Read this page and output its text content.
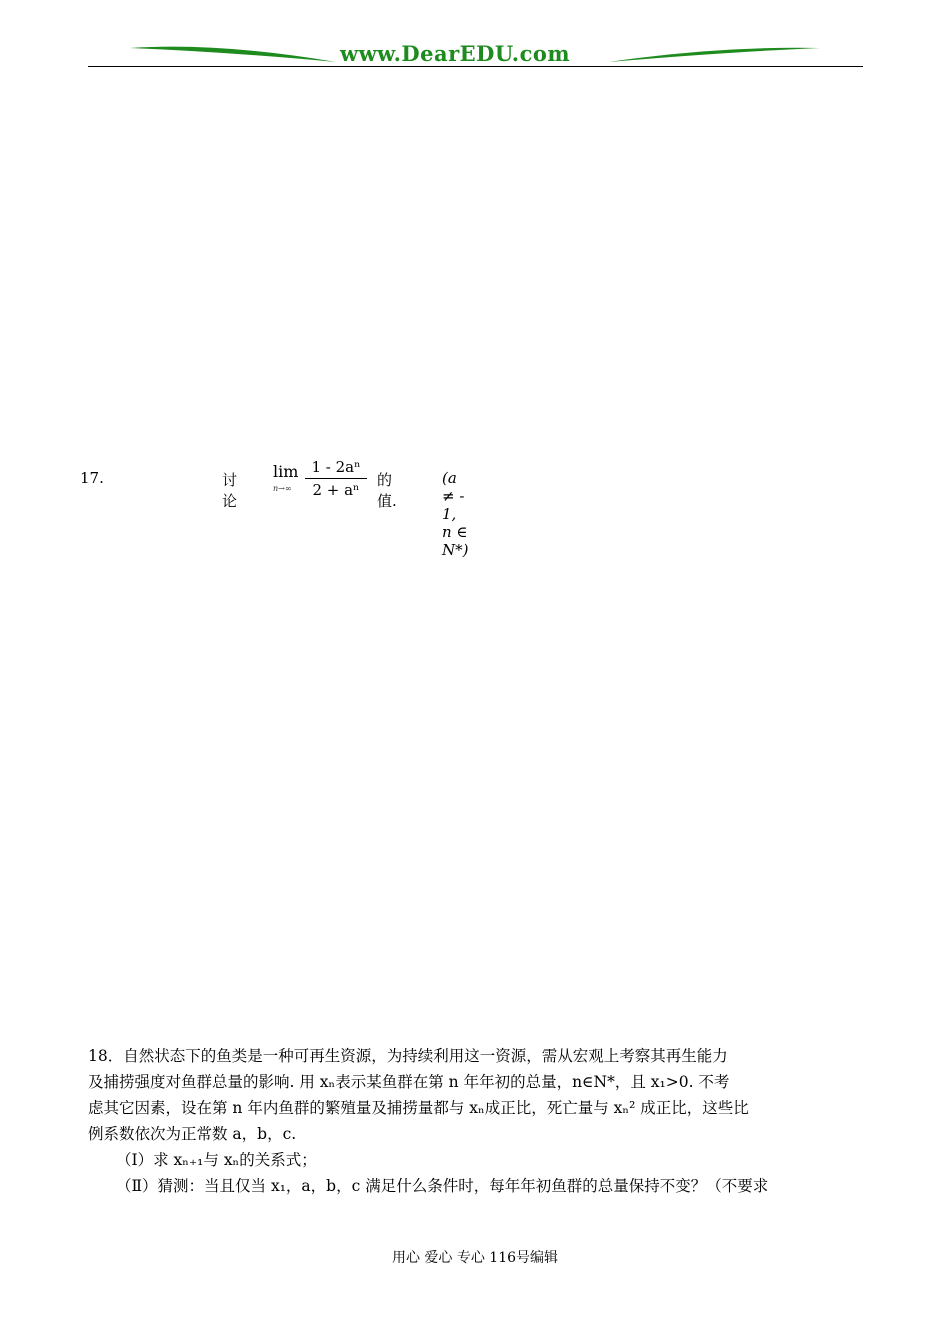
www.DearEDU.com
17.	讨论
lim
n→∞
1 - 2aⁿ
2 + aⁿ
的值.
(a ≠ - 1, n ∈ N*)

18．自然状态下的鱼类是一种可再生资源，为持续利用这一资源，需从宏观上考察其再生能力

及捕捞强度对鱼群总量的影响. 用 xₙ表示某鱼群在第 n 年年初的总量，n∈N*，且 x₁>0. 不考

虑其它因素，设在第 n 年内鱼群的繁殖量及捕捞量都与 xₙ成正比，死亡量与 xₙ² 成正比，这些比

例系数依次为正常数 a，b，c.

（Ⅰ）求 xₙ₊₁与 xₙ的关系式；

（Ⅱ）猜测：当且仅当 x₁，a，b，c 满足什么条件时，每年年初鱼群的总量保持不变？（不要求

用心 爱心 专心 116号编辑
